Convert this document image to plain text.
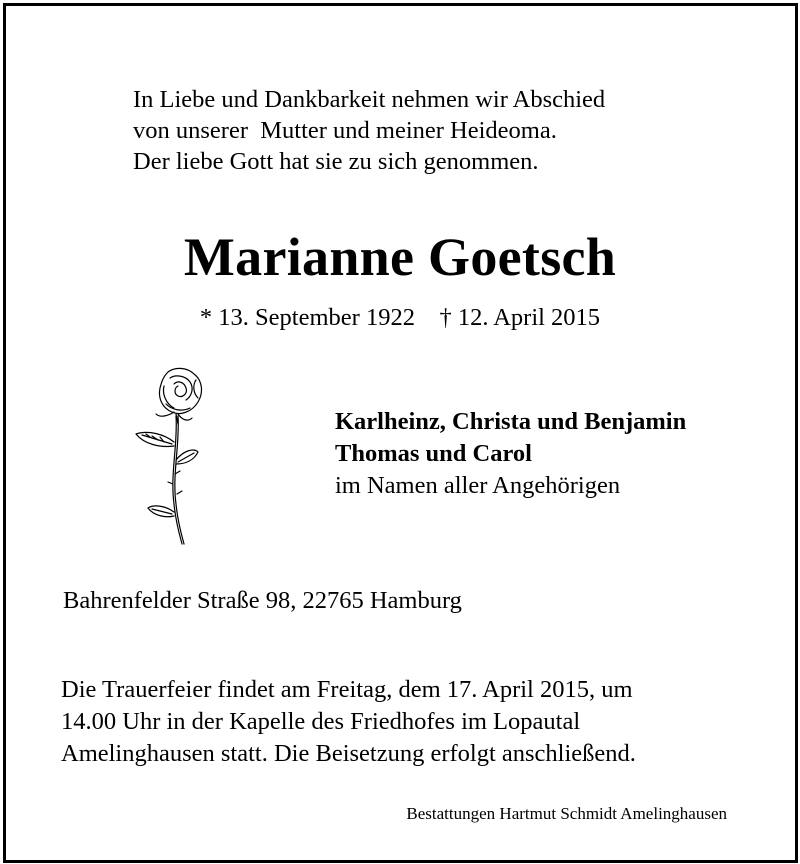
In Liebe und Dankbarkeit nehmen wir Abschied
von unserer  Mutter und meiner Heideoma.
Der liebe Gott hat sie zu sich genommen.
Marianne Goetsch
* 13. September 1922    † 12. April 2015
Karlheinz, Christa und Benjamin
Thomas und Carol
im Namen aller Angehörigen
Bahrenfelder Straße 98, 22765 Hamburg
Die Trauerfeier findet am Freitag, dem 17. April 2015, um
14.00 Uhr in der Kapelle des Friedhofes im Lopautal
Amelinghausen statt. Die Beisetzung erfolgt anschließend.
Bestattungen Hartmut Schmidt Amelinghausen
